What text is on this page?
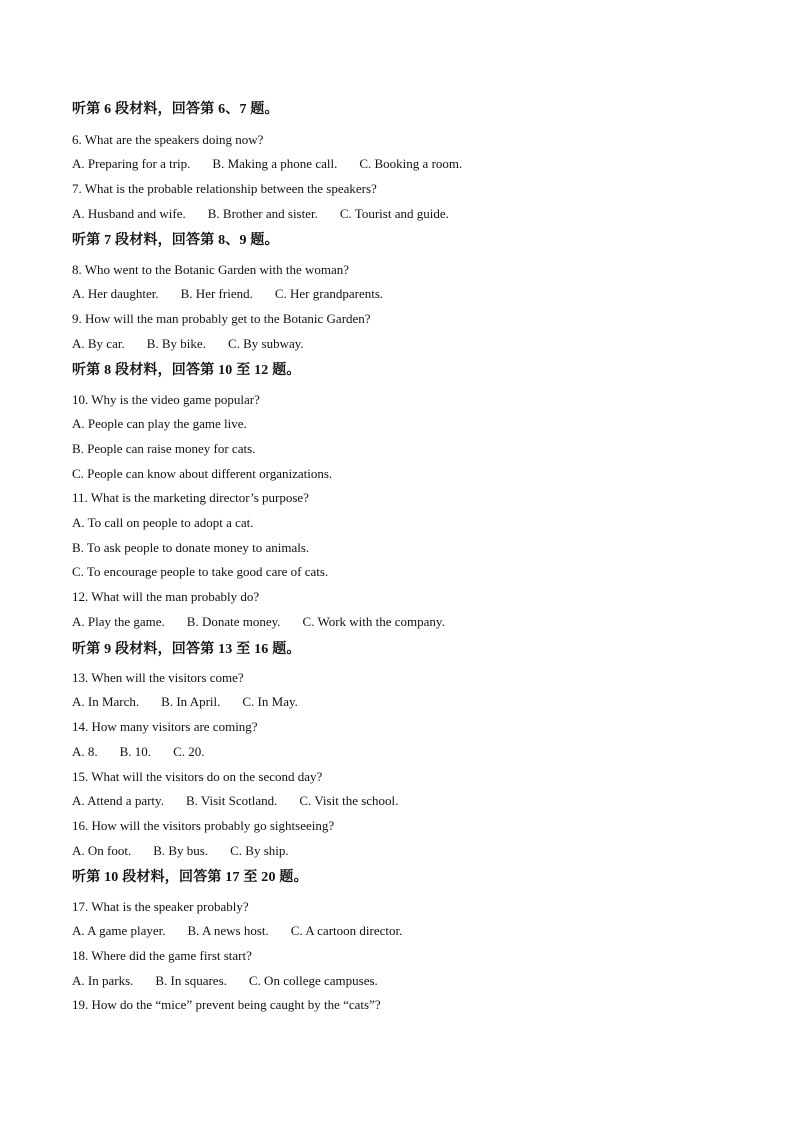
听第 6 段材料，回答第 6、7 题。
6. What are the speakers doing now?
A. Preparing for a trip. B. Making a phone call. C. Booking a room.
7. What is the probable relationship between the speakers?
A. Husband and wife. B. Brother and sister. C. Tourist and guide.
听第 7 段材料，回答第 8、9 题。
8. Who went to the Botanic Garden with the woman?
A. Her daughter. B. Her friend. C. Her grandparents.
9. How will the man probably get to the Botanic Garden?
A. By car. B. By bike. C. By subway.
听第 8 段材料，回答第 10 至 12 题。
10. Why is the video game popular?
A. People can play the game live.
B. People can raise money for cats.
C. People can know about different organizations.
11. What is the marketing director’s purpose?
A. To call on people to adopt a cat.
B. To ask people to donate money to animals.
C. To encourage people to take good care of cats.
12. What will the man probably do?
A. Play the game. B. Donate money. C. Work with the company.
听第 9 段材料，回答第 13 至 16 题。
13. When will the visitors come?
A. In March. B. In April. C. In May.
14. How many visitors are coming?
A. 8. B. 10. C. 20.
15. What will the visitors do on the second day?
A. Attend a party. B. Visit Scotland. C. Visit the school.
16. How will the visitors probably go sightseeing?
A. On foot. B. By bus. C. By ship.
听第 10 段材料，回答第 17 至 20 题。
17. What is the speaker probably?
A. A game player. B. A news host. C. A cartoon director.
18. Where did the game first start?
A. In parks. B. In squares. C. On college campuses.
19. How do the “mice” prevent being caught by the “cats”?
